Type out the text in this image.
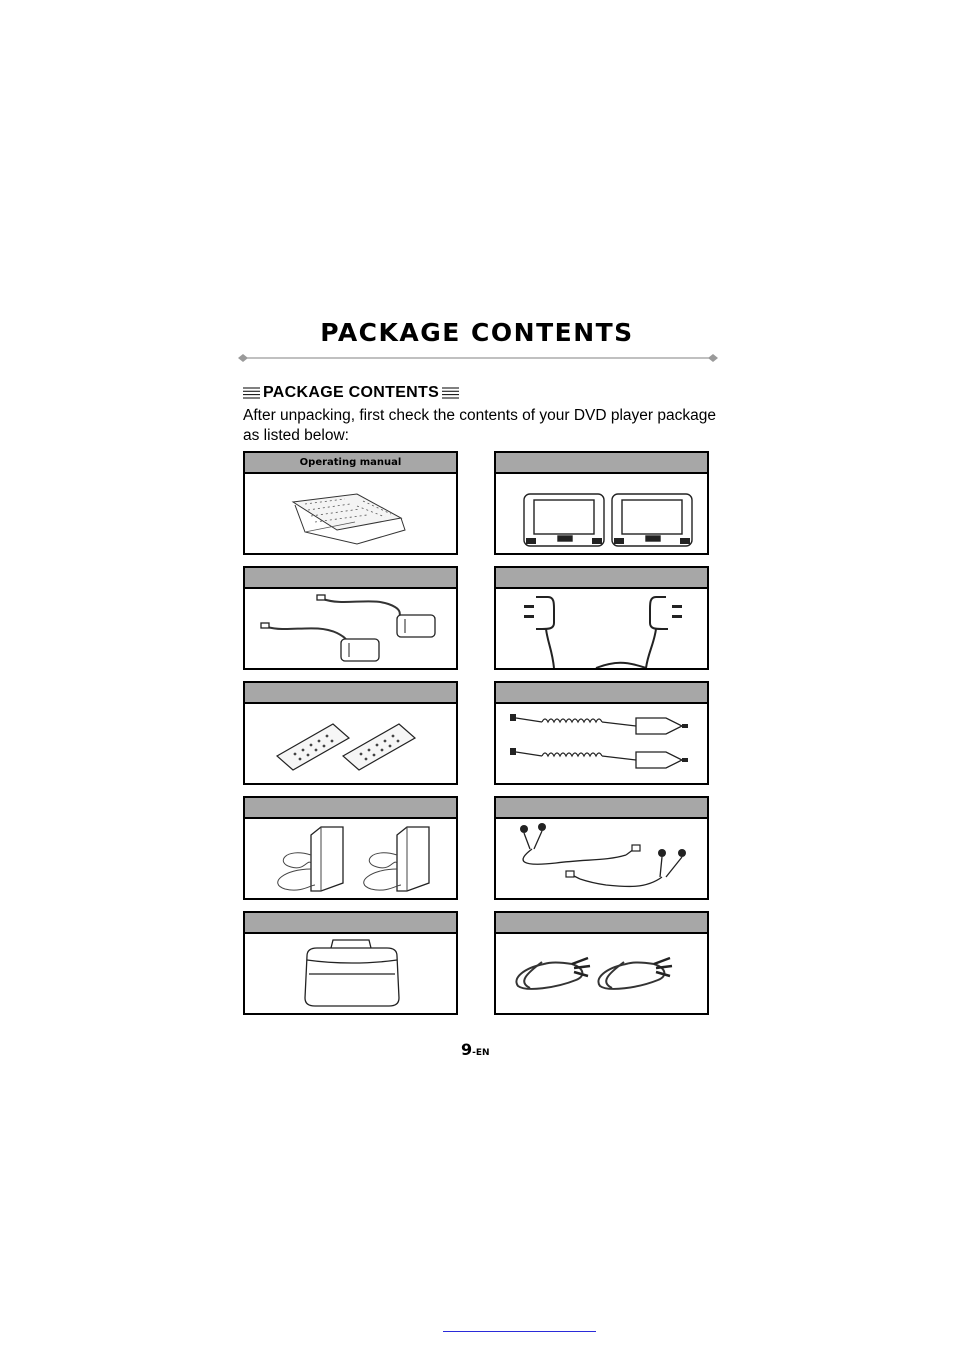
PACKAGE CONTENTS
PACKAGE CONTENTS

After unpacking, first check the contents of your DVD player package as listed below:

Operating manual
9-EN
